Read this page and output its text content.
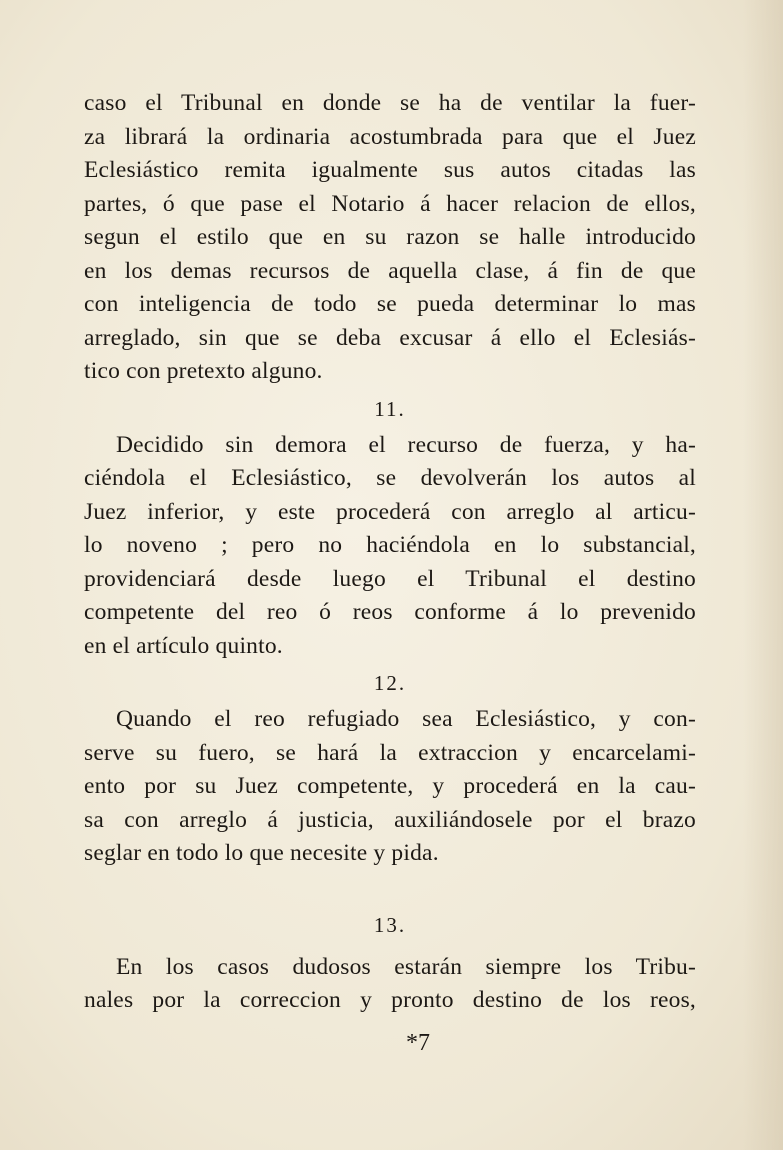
caso el Tribunal en donde se ha de ventilar la fuer-
za librará la ordinaria acostumbrada para que el Juez
Eclesiástico remita igualmente sus autos citadas las
partes, ó que pase el Notario á hacer relacion de ellos,
segun el estilo que en su razon se halle introducido
en los demas recursos de aquella clase, á fin de que
con inteligencia de todo se pueda determinar lo mas
arreglado, sin que se deba excusar á ello el Eclesiás-
tico con pretexto alguno.
11.
Decidido sin demora el recurso de fuerza, y ha-
ciéndola el Eclesiástico, se devolverán los autos al
Juez inferior, y este procederá con arreglo al articu-
lo noveno ; pero no haciéndola en lo substancial,
providenciará desde luego el Tribunal el destino
competente del reo ó reos conforme á lo prevenido
en el artículo quinto.
12.
Quando el reo refugiado sea Eclesiástico, y con-
serve su fuero, se hará la extraccion y encarcelami-
ento por su Juez competente, y procederá en la cau-
sa con arreglo á justicia, auxiliándosele por el brazo
seglar en todo lo que necesite y pida.
13.
En los casos dudosos estarán siempre los Tribu-
nales por la correccion y pronto destino de los reos,
*7
